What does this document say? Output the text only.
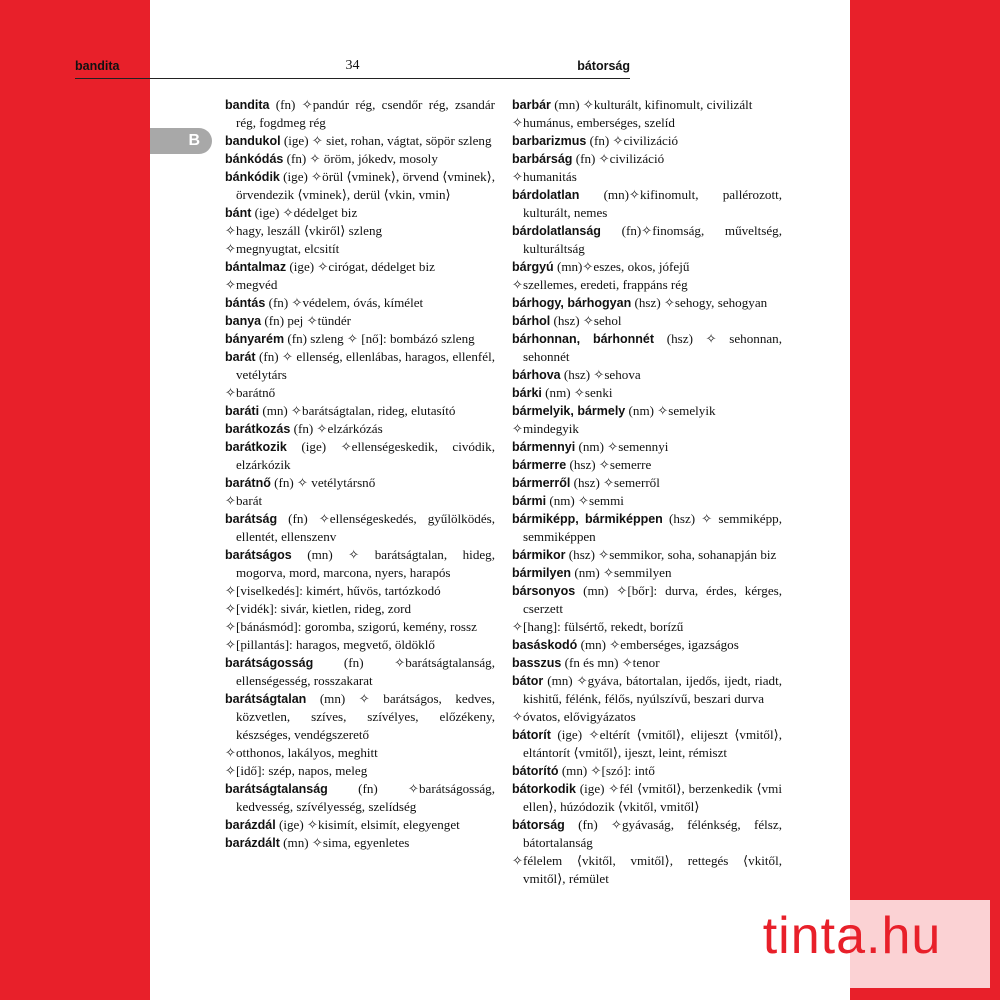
bandita	34	bátorság
B

bandita (fn) ✧pandúr rég, csendőr rég, zsandár rég, fogdmeg rég

bandukol (ige) ✧ siet, rohan, vágtat, söpör szleng

bánkódás (fn) ✧ öröm, jókedv, mosoly

bánkódik (ige) ✧örül ⟨vminek⟩, örvend ⟨vminek⟩, örvendezik ⟨vminek⟩, derül ⟨vkin, vmin⟩

bánt (ige) ✧dédelget biz

✧hagy, leszáll ⟨vkiről⟩ szleng

✧megnyugtat, elcsitít

bántalmaz (ige) ✧cirógat, dédelget biz

✧megvéd

bántás (fn) ✧védelem, óvás, kímélet

banya (fn) pej ✧tündér

bányarém (fn) szleng ✧ [nő]: bombázó szleng

barát (fn) ✧ ellenség, ellenlábas, haragos, ellenfél, vetélytárs

✧barátnő

baráti (mn) ✧barátságtalan, rideg, elutasító

barátkozás (fn) ✧elzárkózás

barátkozik (ige) ✧ellenségeskedik, civódik, elzárkózik

barátnő (fn) ✧ vetélytársnő

✧barát

barátság (fn) ✧ellenségeskedés, gyűlölködés, ellentét, ellenszenv

barátságos (mn) ✧ barátságtalan, hideg, mogorva, mord, marcona, nyers, harapós

✧[viselkedés]: kimért, hűvös, tartózkodó

✧[vidék]: sivár, kietlen, rideg, zord

✧[bánásmód]: goromba, szigorú, kemény, rossz

✧[pillantás]: haragos, megvető, öldöklő

barátságosság (fn) ✧barátságtalanság, ellenségesség, rosszakarat

barátságtalan (mn) ✧ barátságos, kedves, közvetlen, szíves, szívélyes, előzékeny, készséges, vendégszerető

✧otthonos, lakályos, meghitt

✧[idő]: szép, napos, meleg

barátságtalanság (fn) ✧barátságosság, kedvesség, szívélyesség, szelídség

barázdál (ige) ✧kisimít, elsimít, elegyenget

barázdált (mn) ✧sima, egyenletes

barbár (mn) ✧kulturált, kifinomult, civilizált

✧humánus, emberséges, szelíd

barbarizmus (fn) ✧civilizáció

barbárság (fn) ✧civilizáció

✧humanitás

bárdolatlan (mn)✧kifinomult, pallérozott, kulturált, nemes

bárdolatlanság (fn)✧finomság, műveltség, kulturáltság

bárgyú (mn)✧eszes, okos, jófejű

✧szellemes, eredeti, frappáns rég

bárhogy, bárhogyan (hsz) ✧sehogy, sehogyan

bárhol (hsz) ✧sehol

bárhonnan, bárhonnét (hsz) ✧ sehonnan, sehonnét

bárhova (hsz) ✧sehova

bárki (nm) ✧senki

bármelyik, bármely (nm) ✧semelyik

✧mindegyik

bármennyi (nm) ✧semennyi

bármerre (hsz) ✧semerre

bármerről (hsz) ✧semerről

bármi (nm) ✧semmi

bármiképp, bármiképpen (hsz) ✧ semmiképp, semmiképpen

bármikor (hsz) ✧semmikor, soha, sohanapján biz

bármilyen (nm) ✧semmilyen

bársonyos (mn) ✧[bőr]: durva, érdes, kérges, cserzett

✧[hang]: fülsértő, rekedt, borízű

basáskodó (mn) ✧emberséges, igazságos

basszus (fn és mn) ✧tenor

bátor (mn) ✧gyáva, bátortalan, ijedős, ijedt, riadt, kishitű, félénk, félős, nyúlszívű, beszari durva

✧óvatos, elővigyázatos

bátorít (ige) ✧eltérít ⟨vmitől⟩, elijeszt ⟨vmitől⟩, eltántorít ⟨vmitől⟩, ijeszt, leint, rémiszt

bátorító (mn) ✧[szó]: intő

bátorkodik (ige) ✧fél ⟨vmitől⟩, berzenkedik ⟨vmi ellen⟩, húzódozik ⟨vkitől, vmitől⟩

bátorság (fn) ✧gyávaság, félénkség, félsz, bátortalanság

✧félelem ⟨vkitől, vmitől⟩, rettegés ⟨vkitől, vmitől⟩, rémület

tinta.hu
